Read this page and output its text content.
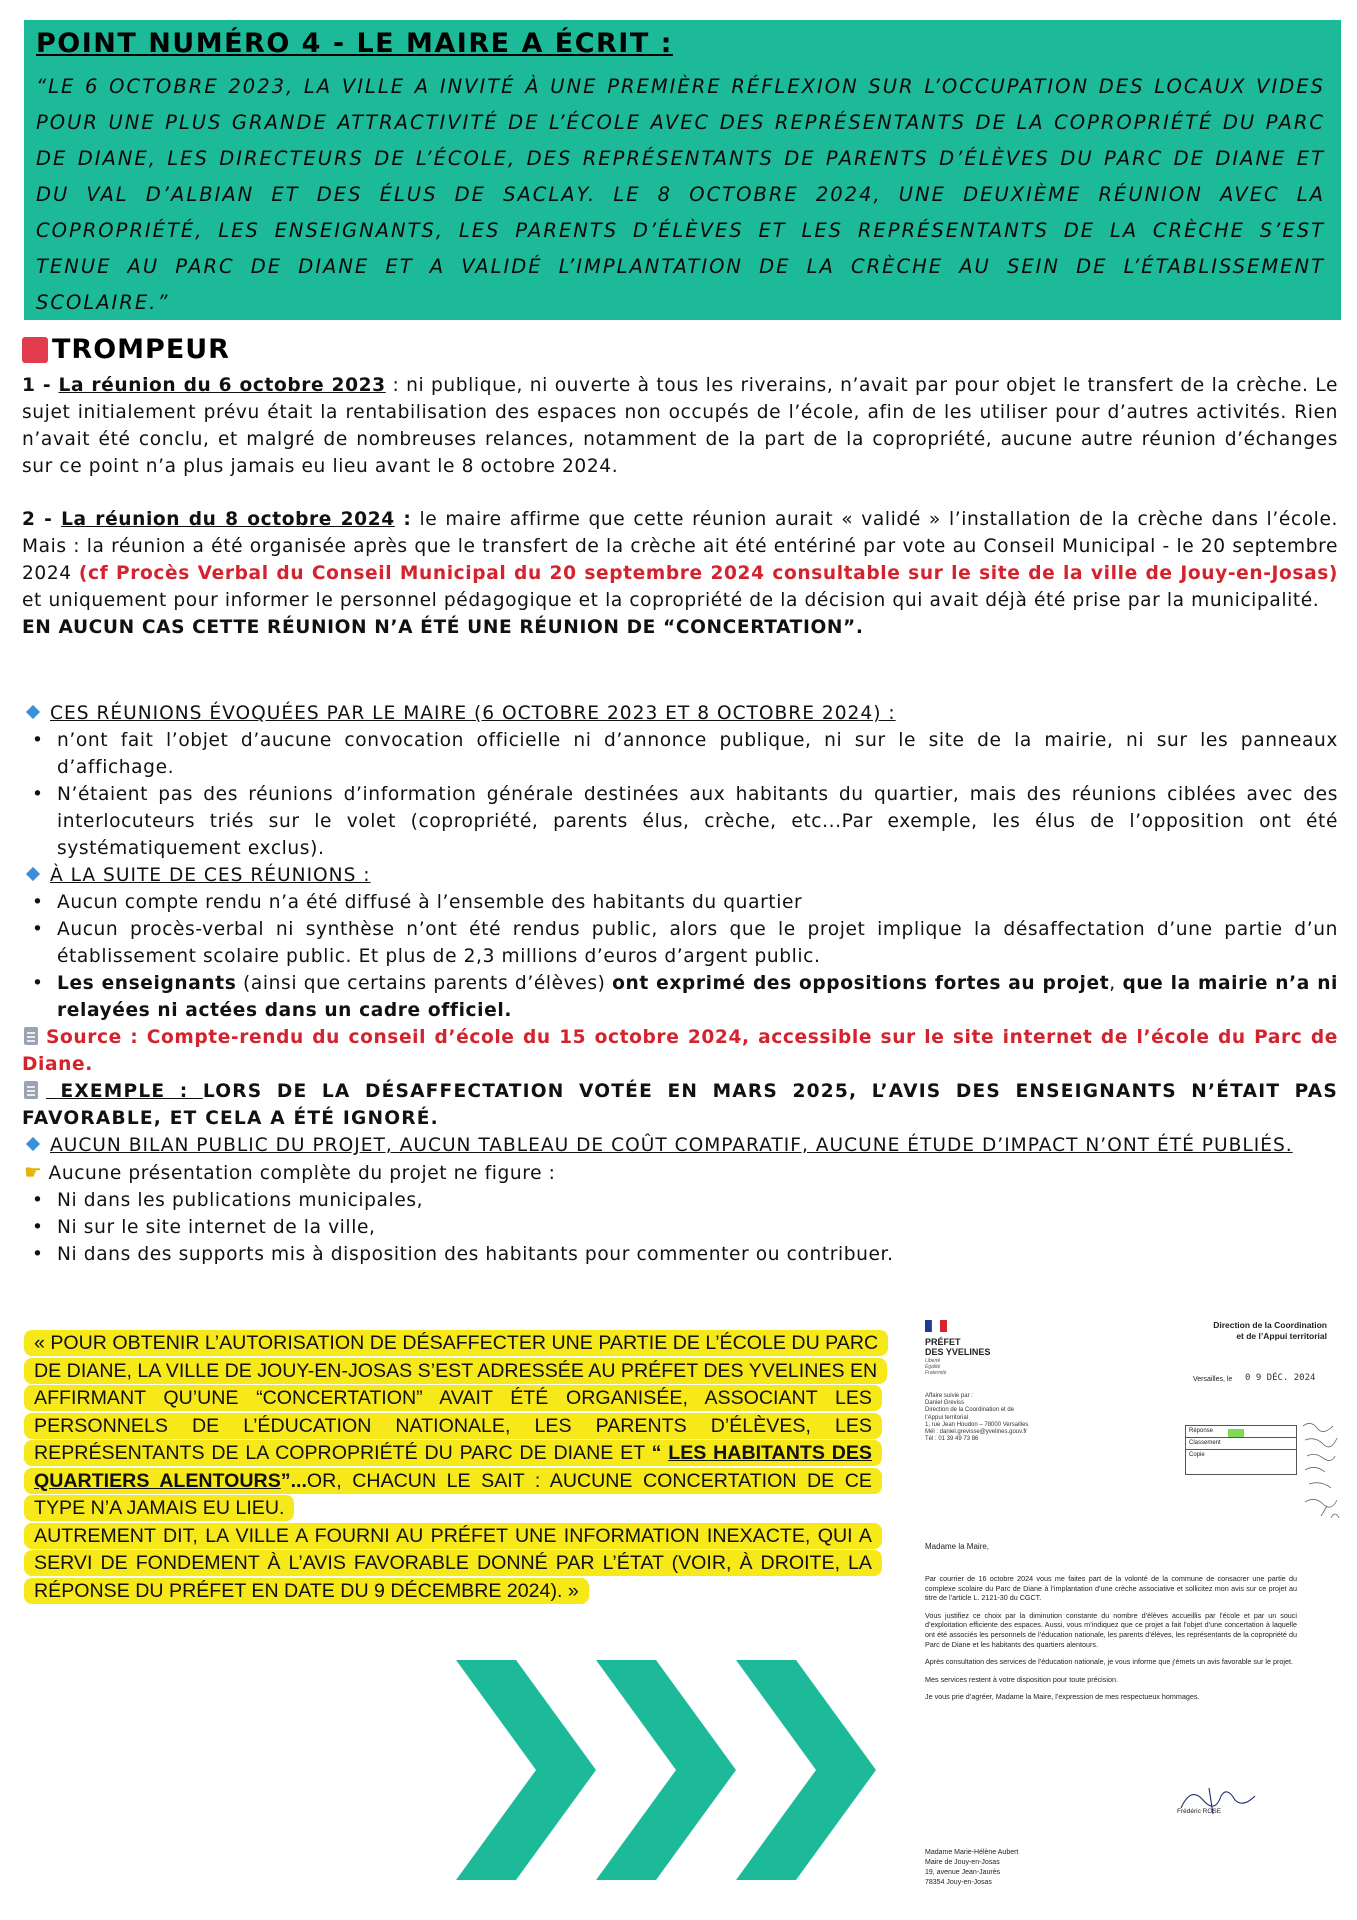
POINT NUMÉRO 4 - LE MAIRE A ÉCRIT :
“LE 6 OCTOBRE 2023, LA VILLE A INVITÉ À UNE PREMIÈRE RÉFLEXION SUR L’OCCUPATION DES LOCAUX VIDES POUR UNE PLUS GRANDE ATTRACTIVITÉ DE L’ÉCOLE AVEC DES REPRÉSENTANTS DE LA COPROPRIÉTÉ DU PARC DE DIANE, LES DIRECTEURS DE L’ÉCOLE, DES REPRÉSENTANTS DE PARENTS D’ÉLÈVES DU PARC DE DIANE ET DU VAL D’ALBIAN ET DES ÉLUS DE SACLAY. LE 8 OCTOBRE 2024, UNE DEUXIÈME RÉUNION AVEC LA COPROPRIÉTÉ, LES ENSEIGNANTS, LES PARENTS D’ÉLÈVES ET LES REPRÉSENTANTS DE LA CRÈCHE S’EST TENUE AU PARC DE DIANE ET A VALIDÉ L’IMPLANTATION DE LA CRÈCHE AU SEIN DE L’ÉTABLISSEMENT SCOLAIRE.”
TROMPEUR

1 - La réunion du 6 octobre 2023 : ni publique, ni ouverte à tous les riverains, n’avait par pour objet le transfert de la crèche. Le sujet initialement prévu était la rentabilisation des espaces non occupés de l’école, afin de les utiliser pour d’autres activités. Rien n’avait été conclu, et malgré de nombreuses relances, notamment de la part de la copropriété, aucune autre réunion d’échanges sur ce point n’a plus jamais eu lieu avant le 8 octobre 2024.

2 - La réunion du 8 octobre 2024 : le maire affirme que cette réunion aurait « validé » l’installation de la crèche dans l’école. Mais : la réunion a été organisée après que le transfert de la crèche ait été entériné par vote au Conseil Municipal - le 20 septembre 2024 (cf Procès Verbal du Conseil Municipal du 20 septembre 2024 consultable sur le site de la ville de Jouy-en-Josas) et uniquement pour informer le personnel pédagogique et la copropriété de la décision qui avait déjà été prise par la municipalité.

EN AUCUN CAS CETTE RÉUNION N’A ÉTÉ UNE RÉUNION DE “CONCERTATION”.

CES RÉUNIONS ÉVOQUÉES PAR LE MAIRE (6 OCTOBRE 2023 ET 8 OCTOBRE 2024) :
• n’ont fait l’objet d’aucune convocation officielle ni d’annonce publique, ni sur le site de la mairie, ni sur les panneaux d’affichage.
• N’étaient pas des réunions d’information générale destinées aux habitants du quartier, mais des réunions ciblées avec des interlocuteurs triés sur le volet (copropriété, parents élus, crèche, etc...Par exemple, les élus de l’opposition ont été systématiquement exclus).
À LA SUITE DE CES RÉUNIONS :
• Aucun compte rendu n’a été diffusé à l’ensemble des habitants du quartier
• Aucun procès-verbal ni synthèse n’ont été rendus public, alors que le projet implique la désaffectation d’une partie d’un établissement scolaire public. Et plus de 2,3 millions d’euros d’argent public.
• Les enseignants (ainsi que certains parents d’élèves) ont exprimé des oppositions fortes au projet, que la mairie n’a ni relayées ni actées dans un cadre officiel.
Source : Compte-rendu du conseil d’école du 15 octobre 2024, accessible sur le site internet de l’école du Parc de Diane.
EXEMPLE : LORS DE LA DÉSAFFECTATION VOTÉE EN MARS 2025, L’AVIS DES ENSEIGNANTS N’ÉTAIT PAS FAVORABLE, ET CELA A ÉTÉ IGNORÉ.
AUCUN BILAN PUBLIC DU PROJET, AUCUN TABLEAU DE COÛT COMPARATIF, AUCUNE ÉTUDE D’IMPACT N’ONT ÉTÉ PUBLIÉS.
☛ Aucune présentation complète du projet ne figure :
• Ni dans les publications municipales,
• Ni sur le site internet de la ville,
• Ni dans des supports mis à disposition des habitants pour commenter ou contribuer.

« POUR OBTENIR L’AUTORISATION DE DÉSAFFECTER UNE PARTIE DE L’ÉCOLE DU PARC DE DIANE, LA VILLE DE JOUY-EN-JOSAS S’EST ADRESSÉE AU PRÉFET DES YVELINES EN AFFIRMANT QU’UNE “CONCERTATION” AVAIT ÉTÉ ORGANISÉE, ASSOCIANT LES PERSONNELS DE L’ÉDUCATION NATIONALE, LES PARENTS D’ÉLÈVES, LES REPRÉSENTANTS DE LA COPROPRIÉTÉ DU PARC DE DIANE ET “ LES HABITANTS DES QUARTIERS ALENTOURS”...OR, CHACUN LE SAIT : AUCUNE CONCERTATION DE CE TYPE N’A JAMAIS EU LIEU.
AUTREMENT DIT, LA VILLE A FOURNI AU PRÉFET UNE INFORMATION INEXACTE, QUI A SERVI DE FONDEMENT À L’AVIS FAVORABLE DONNÉ PAR L’ÉTAT (VOIR, À DROITE, LA RÉPONSE DU PRÉFET EN DATE DU 9 DÉCEMBRE 2024). »

PRÉFET
DES YVELINES
Liberté
Égalité
Fraternité
Direction de la Coordination
et de l’Appui territorial
Versailles, le 0 9 DÉC. 2024
Affaire suivie par :
Daniel Greviss
Direction de la Coordination et de
l’Appui territorial
1, rue Jean Houdon – 78000 Versailles
Mél : daniel.grevisse@yvelines.gouv.fr
Tél : 01 39 49 73 86
Réponse
Classement
Copie
Madame la Maire,

Par courrier de 16 octobre 2024 vous me faites part de la volonté de la commune de consacrer une partie du complexe scolaire du Parc de Diane à l’implantation d’une crèche associative et sollicitez mon avis sur ce projet au titre de l’article L. 2121-30 du CGCT.

Vous justifiez ce choix par la diminution constante du nombre d’élèves accueillis par l’école et par un souci d’exploitation efficiente des espaces. Aussi, vous m’indiquez que ce projet a fait l’objet d’une concertation à laquelle ont été associés les personnels de l’éducation nationale, les parents d’élèves, les représentants de la copropriété du Parc de Diane et les habitants des quartiers alentours.

Après consultation des services de l’éducation nationale, je vous informe que j’émets un avis favorable sur le projet.

Mes services restent à votre disposition pour toute précision.

Je vous prie d’agréer, Madame la Maire, l’expression de mes respectueux hommages.

Frédéric ROSE
Madame Marie-Hélène Aubert
Maire de Jouy-en-Josas
19, avenue Jean-Jaurès
78354 Jouy-en-Josas
